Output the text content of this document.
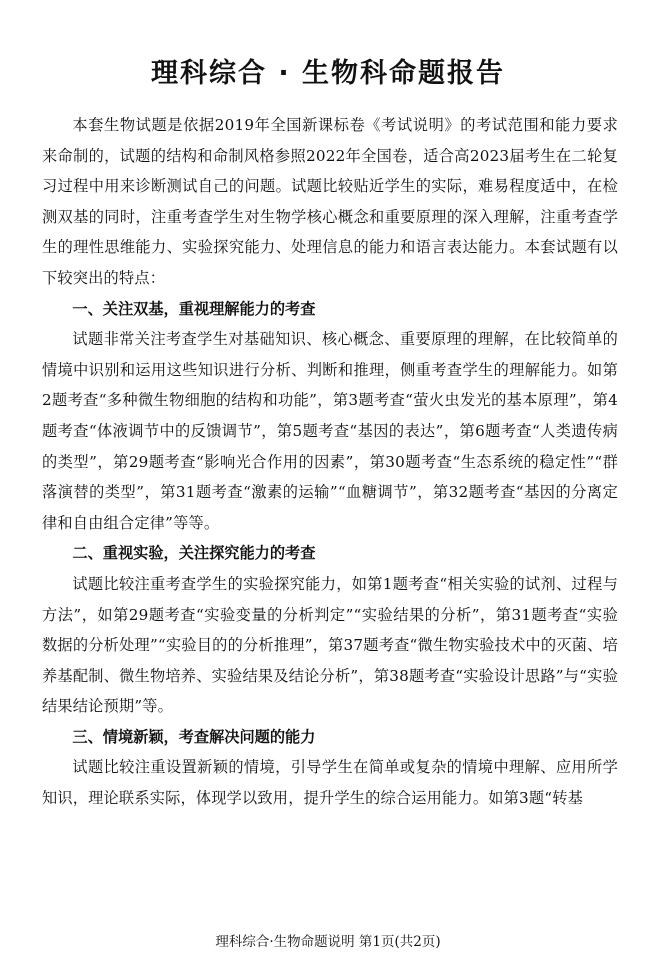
理科综合 · 生物科命题报告

本套生物试题是依据2019年全国新课标卷《考试说明》的考试范围和能力要求来命制的，试题的结构和命制风格参照2022年全国卷，适合高2023届考生在二轮复习过程中用来诊断测试自己的问题。试题比较贴近学生的实际，难易程度适中，在检测双基的同时，注重考查学生对生物学核心概念和重要原理的深入理解，注重考查学生的理性思维能力、实验探究能力、处理信息的能力和语言表达能力。本套试题有以下较突出的特点：

一、关注双基，重视理解能力的考查

试题非常关注考查学生对基础知识、核心概念、重要原理的理解，在比较简单的情境中识别和运用这些知识进行分析、判断和推理，侧重考查学生的理解能力。如第2题考查“多种微生物细胞的结构和功能”，第3题考查“萤火虫发光的基本原理”，第4题考查“体液调节中的反馈调节”，第5题考查“基因的表达”，第6题考查“人类遗传病的类型”，第29题考查“影响光合作用的因素”，第30题考查“生态系统的稳定性”“群落演替的类型”，第31题考查“激素的运输”“血糖调节”，第32题考查“基因的分离定律和自由组合定律”等等。

二、重视实验，关注探究能力的考查

试题比较注重考查学生的实验探究能力，如第1题考查“相关实验的试剂、过程与方法”，如第29题考查“实验变量的分析判定”“实验结果的分析”，第31题考查“实验数据的分析处理”“实验目的的分析推理”，第37题考查“微生物实验技术中的灭菌、培养基配制、微生物培养、实验结果及结论分析”，第38题考查“实验设计思路”与“实验结果结论预期”等。

三、情境新颖，考查解决问题的能力

试题比较注重设置新颖的情境，引导学生在简单或复杂的情境中理解、应用所学知识，理论联系实际，体现学以致用，提升学生的综合运用能力。如第3题“转基

理科综合·生物命题说明 第1页(共2页)
